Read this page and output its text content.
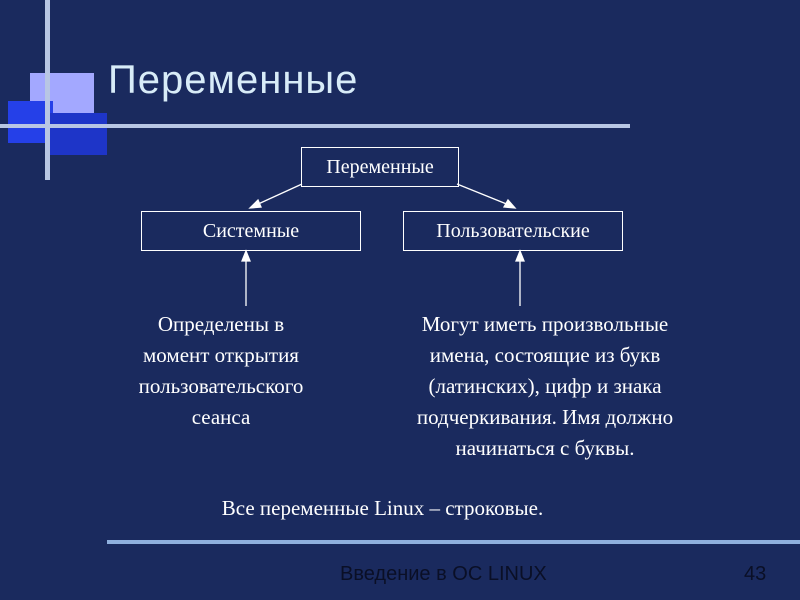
Переменные
Переменные
Системные	Пользовательские
Определены в
момент открытия
пользовательского
сеанса
Могут иметь произвольные
имена, состоящие из букв
(латинских), цифр и знака
подчеркивания. Имя должно
начинаться с буквы.
Все переменные Linux – строковые.
Введение в ОС LINUX	43
